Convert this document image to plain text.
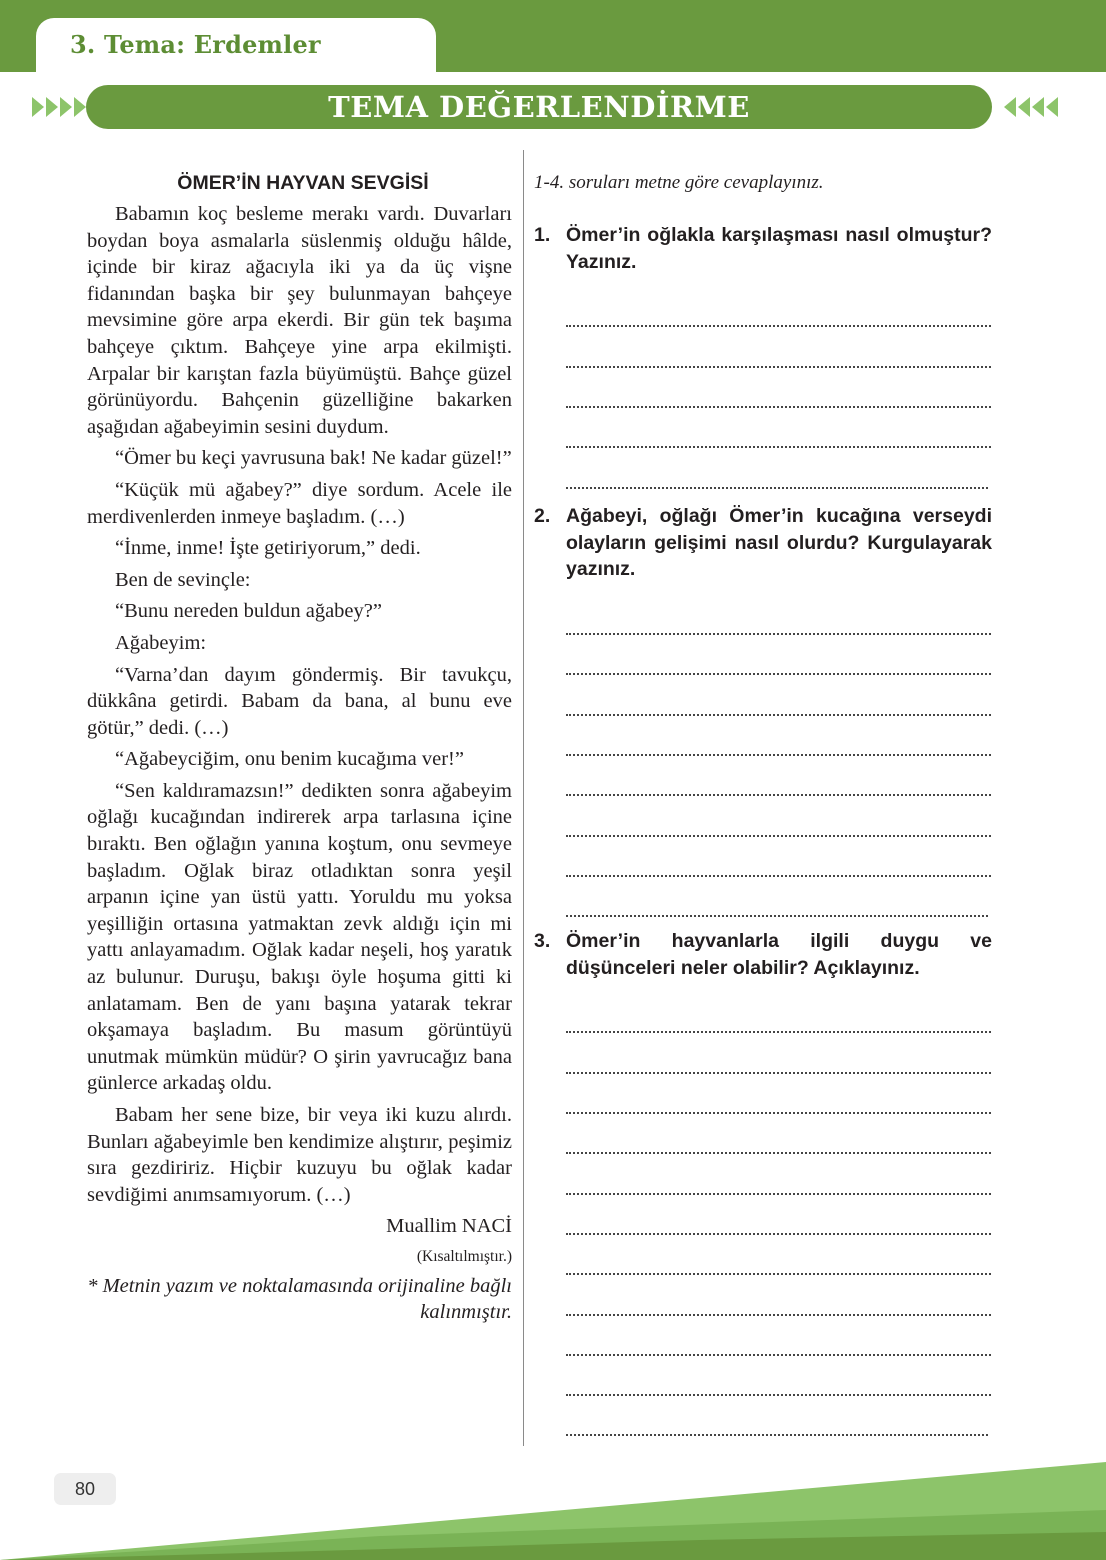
3. Tema: Erdemler
TEMA DEĞERLENDİRME
ÖMER’İN HAYVAN SEVGİSİ

Babamın koç besleme merakı vardı. Duvarları boydan boya asmalarla süslenmiş olduğu hâlde, içinde bir kiraz ağacıyla iki ya da üç vişne fidanından başka bir şey bulunmayan bahçeye mevsimine göre arpa ekerdi. Bir gün tek başıma bahçeye çıktım. Bahçeye yine arpa ekilmişti. Arpalar bir karıştan fazla büyümüştü. Bahçe güzel görünüyordu. Bahçenin güzelliğine bakarken aşağıdan ağabeyimin sesini duydum.

“Ömer bu keçi yavrusuna bak! Ne kadar güzel!”

“Küçük mü ağabey?” diye sordum. Acele ile merdivenlerden inmeye başladım. (…)

“İnme, inme! İşte getiriyorum,” dedi.

Ben de sevinçle:

“Bunu nereden buldun ağabey?”

Ağabeyim:

“Varna’dan dayım göndermiş. Bir tavukçu, dükkâna getirdi. Babam da bana, al bunu eve götür,” dedi. (…)

“Ağabeyciğim, onu benim kucağıma ver!”

“Sen kaldıramazsın!” dedikten sonra ağabeyim oğlağı kucağından indirerek arpa tarlasına içine bıraktı. Ben oğlağın yanına koştum, onu sevmeye başladım. Oğlak biraz otladıktan sonra yeşil arpanın içine yan üstü yattı. Yoruldu mu yoksa yeşilliğin ortasına yatmaktan zevk aldığı için mi yattı anlayamadım. Oğlak kadar neşeli, hoş yaratık az bulunur. Duruşu, bakışı öyle hoşuma gitti ki anlatamam. Ben de yanı başına yatarak tekrar okşamaya başladım. Bu masum görüntüyü unutmak mümkün müdür? O şirin yavrucağız bana günlerce arkadaş oldu.

Babam her sene bize, bir veya iki kuzu alırdı. Bunları ağabeyimle ben kendimize alıştırır, peşimiz sıra gezdiririz. Hiçbir kuzuyu bu oğlak kadar sevdiğimi anımsamıyorum. (…)

Muallim NACİ

(Kısaltılmıştır.)

* Metnin yazım ve noktalamasında orijinaline bağlı kalınmıştır.

1-4. soruları metne göre cevaplayınız.
1. Ömer’in oğlakla karşılaşması nasıl olmuştur? Yazınız.
2. Ağabeyi, oğlağı Ömer’in kucağına verseydi olayların gelişimi nasıl olurdu? Kurgulayarak yazınız.
3. Ömer’in hayvanlarla ilgili duygu ve düşünceleri neler olabilir? Açıklayınız.
80
